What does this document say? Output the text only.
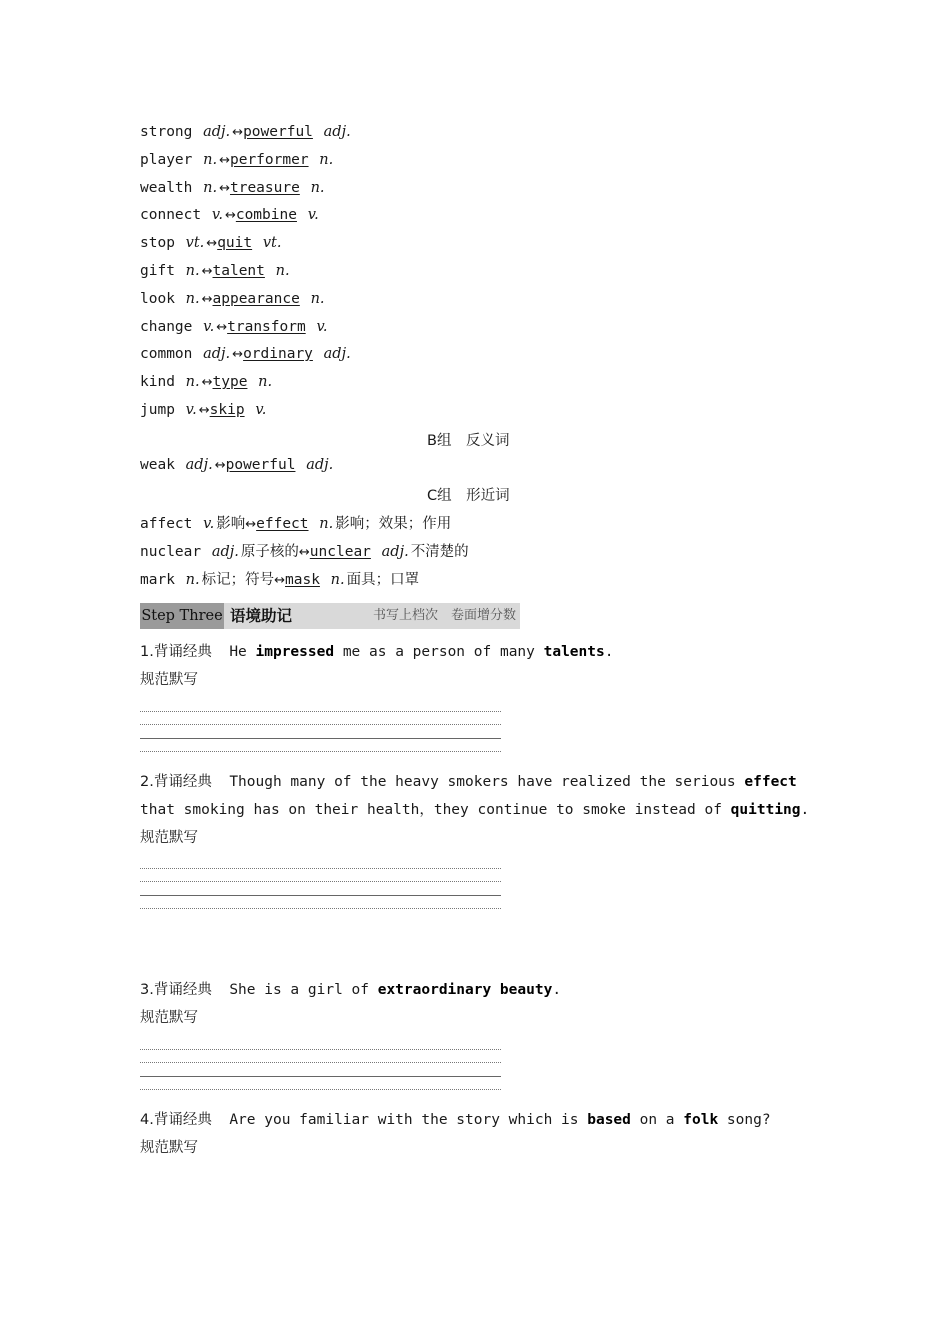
strong adj. ↔powerful adj.
player n. ↔performer n.
wealth n. ↔treasure n.
connect v. ↔combine v.
stop vt. ↔quit vt.
gift n. ↔talent n.
look n. ↔appearance n.
change v. ↔transform v.
common adj. ↔ordinary adj.
kind n. ↔type n.
jump v. ↔skip v.
B组　反义词
weak adj. ↔powerful adj.
C组　形近词
affect v. 影响↔effect n. 影响；效果；作用
nuclear adj. 原子核的↔unclear adj. 不清楚的
mark n. 标记；符号↔mask n. 面具；口罩
Step Three 语境助记	书写上档次　卷面增分数
1.背诵经典 He impressed me as a person of many talents.
规范默写
2.背诵经典 Though many of the heavy smokers have realized the serious effect
that smoking has on their health，they continue to smoke instead of quitting.
规范默写
3.背诵经典 She is a girl of extraordinary beauty.
规范默写
4.背诵经典 Are you familiar with the story which is based on a folk song?
规范默写
